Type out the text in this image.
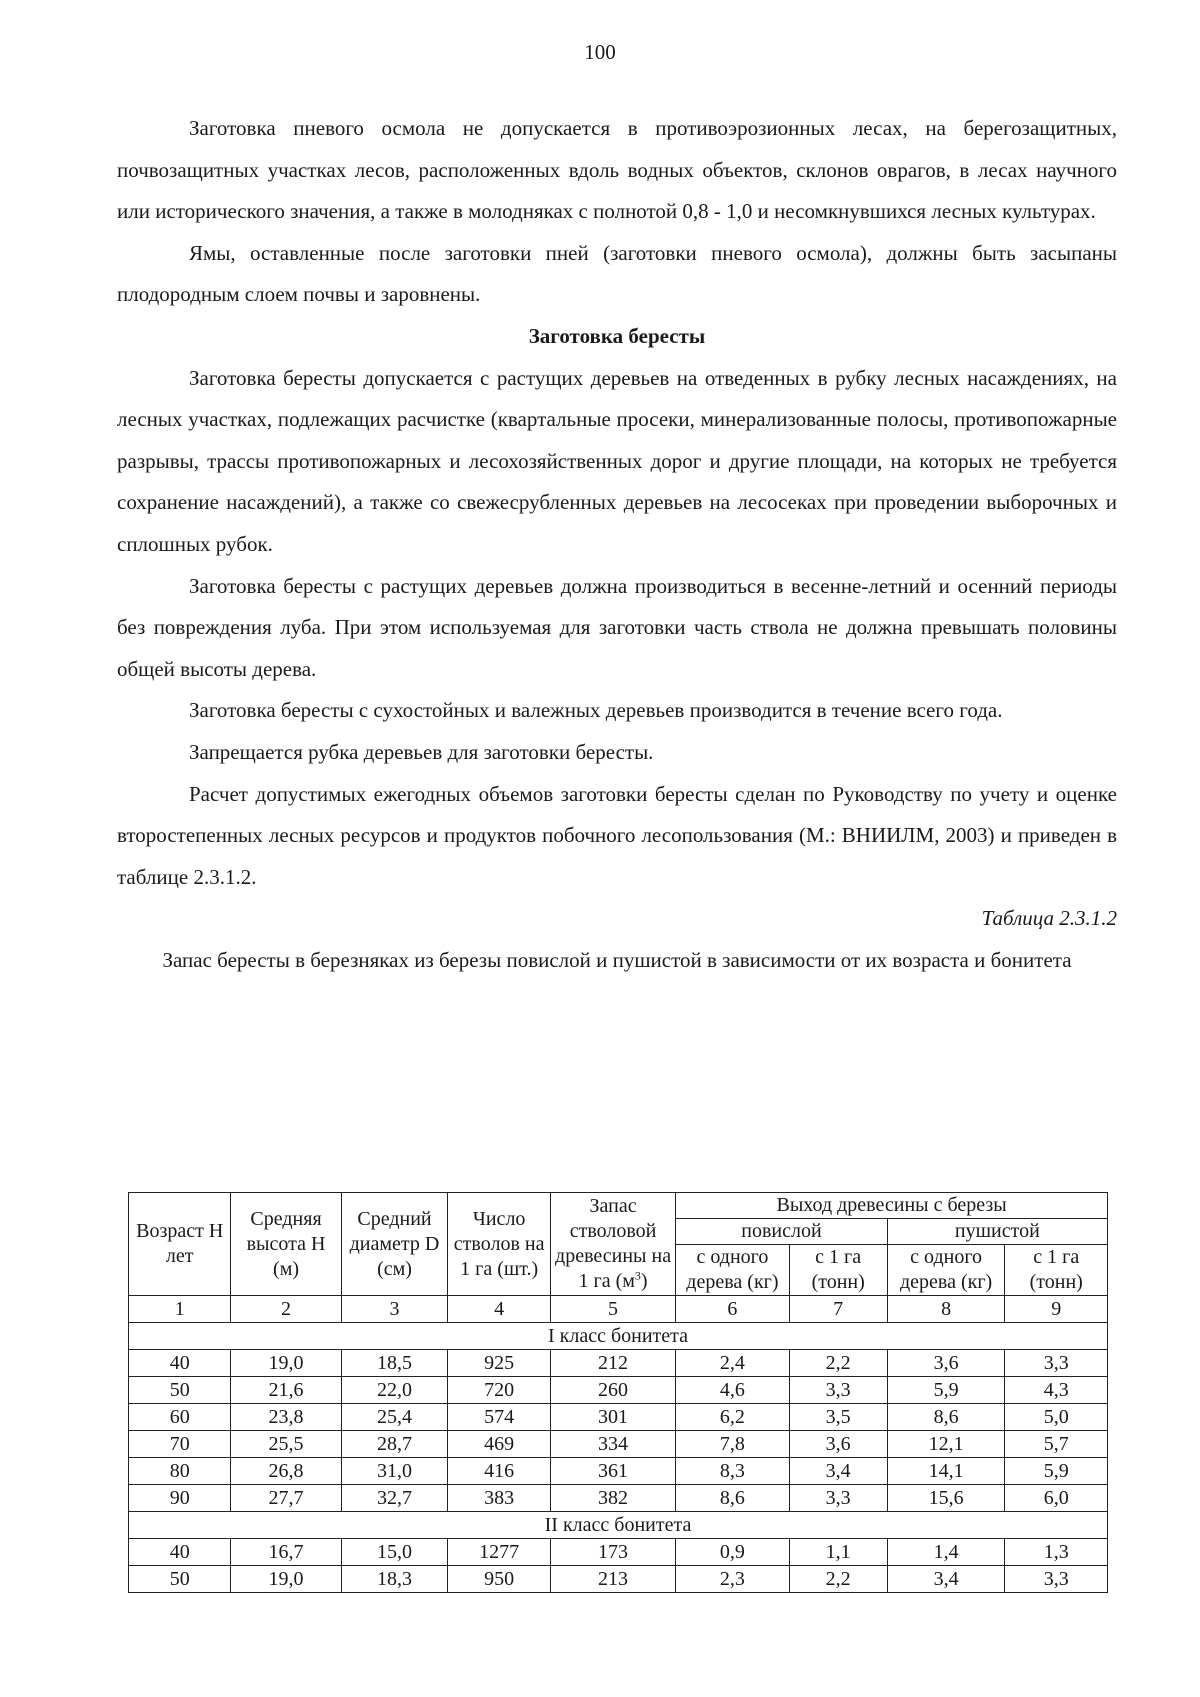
100

Заготовка пневого осмола не допускается в противоэрозионных лесах, на берегозащитных, почвозащитных участках лесов, расположенных вдоль водных объектов, склонов оврагов, в лесах научного или исторического значения, а также в молодняках с полнотой 0,8 - 1,0 и несомкнувшихся лесных культурах.

Ямы, оставленные после заготовки пней (заготовки пневого осмола), должны быть засыпаны плодородным слоем почвы и заровнены.

Заготовка бересты

Заготовка бересты допускается с растущих деревьев на отведенных в рубку лесных насаждениях, на лесных участках, подлежащих расчистке (квартальные просеки, минерализованные полосы, противопожарные разрывы, трассы противопожарных и лесохозяйственных дорог и другие площади, на которых не требуется сохранение насаждений), а также со свежесрубленных деревьев на лесосеках при проведении выборочных и сплошных рубок.

Заготовка бересты с растущих деревьев должна производиться в весенне-летний и осенний периоды без повреждения луба. При этом используемая для заготовки часть ствола не должна превышать половины общей высоты дерева.

Заготовка бересты с сухостойных и валежных деревьев производится в течение всего года.

Запрещается рубка деревьев для заготовки бересты.

Расчет допустимых ежегодных объемов заготовки бересты сделан по Руководству по учету и оценке второстепенных лесных ресурсов и продуктов побочного лесопользования (М.: ВНИИЛМ, 2003) и приведен в таблице 2.3.1.2.

Таблица 2.3.1.2
Запас бересты в березняках из березы повислой и пушистой в зависимости от их возраста и бонитета
Возраст Н лет	Средняя высота Н (м)	Средний диаметр D (см)	Число стволов на 1 га (шт.)	Запас стволовой древесины на 1 га $(м^3)$	Выход древесины с березы			
					повислой		пушистой	
					с одного дерева (кг)	с 1 га (тонн)	с одного дерева (кг)	с 1 га (тонн)
1	2	3	4	5	6	7	8	9
I класс бонитета								
40	19,0	18,5	925	212	2,4	2,2	3,6	3,3
50	21,6	22,0	720	260	4,6	3,3	5,9	4,3
60	23,8	25,4	574	301	6,2	3,5	8,6	5,0
70	25,5	28,7	469	334	7,8	3,6	12,1	5,7
80	26,8	31,0	416	361	8,3	3,4	14,1	5,9
90	27,7	32,7	383	382	8,6	3,3	15,6	6,0
II класс бонитета								
40	16,7	15,0	1277	173	0,9	1,1	1,4	1,3
50	19,0	18,3	950	213	2,3	2,2	3,4	3,3
